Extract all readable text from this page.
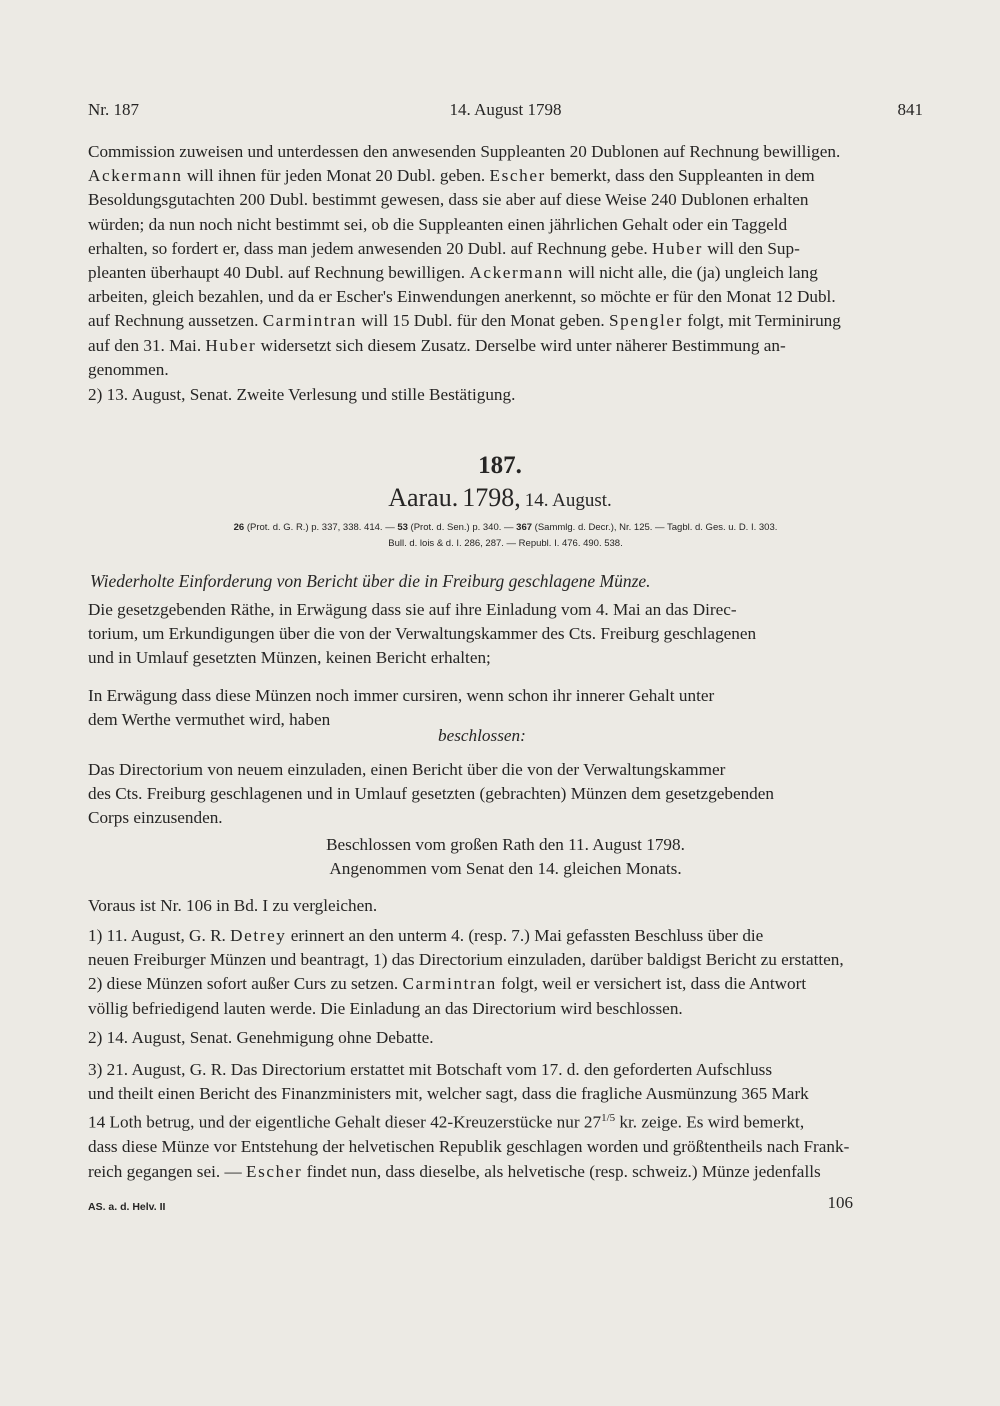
Nr. 187	14. August 1798	841
Commission zuweisen und unterdessen den anwesenden Suppleanten 20 Dublonen auf Rechnung bewilligen.
Ackermann will ihnen für jeden Monat 20 Dubl. geben. Escher bemerkt, dass den Suppleanten in dem
Besoldungsgutachten 200 Dubl. bestimmt gewesen, dass sie aber auf diese Weise 240 Dublonen erhalten
würden; da nun noch nicht bestimmt sei, ob die Suppleanten einen jährlichen Gehalt oder ein Taggeld
erhalten, so fordert er, dass man jedem anwesenden 20 Dubl. auf Rechnung gebe. Huber will den Sup-
pleanten überhaupt 40 Dubl. auf Rechnung bewilligen. Ackermann will nicht alle, die (ja) ungleich lang
arbeiten, gleich bezahlen, und da er Escher's Einwendungen anerkennt, so möchte er für den Monat 12 Dubl.
auf Rechnung aussetzen. Carmintran will 15 Dubl. für den Monat geben. Spengler folgt, mit Terminirung
auf den 31. Mai. Huber widersetzt sich diesem Zusatz. Derselbe wird unter näherer Bestimmung an-
genommen.
2) 13. August, Senat. Zweite Verlesung und stille Bestätigung.
187.
Aarau. 1798, 14. August.
26 (Prot. d. G. R.) p. 337, 338. 414. — 53 (Prot. d. Sen.) p. 340. — 367 (Sammlg. d. Decr.), Nr. 125. — Tagbl. d. Ges. u. D. I. 303.
Bull. d. lois & d. I. 286, 287. — Republ. I. 476. 490. 538.
Wiederholte Einforderung von Bericht über die in Freiburg geschlagene Münze.
Die gesetzgebenden Räthe, in Erwägung dass sie auf ihre Einladung vom 4. Mai an das Direc-
torium, um Erkundigungen über die von der Verwaltungskammer des Cts. Freiburg geschlagenen
und in Umlauf gesetzten Münzen, keinen Bericht erhalten;
In Erwägung dass diese Münzen noch immer cursiren, wenn schon ihr innerer Gehalt unter
dem Werthe vermuthet wird, haben
beschlossen:
Das Directorium von neuem einzuladen, einen Bericht über die von der Verwaltungskammer
des Cts. Freiburg geschlagenen und in Umlauf gesetzten (gebrachten) Münzen dem gesetzgebenden
Corps einzusenden.

Beschlossen vom großen Rath den 11. August 1798.

Angenommen vom Senat den 14. gleichen Monats.

Voraus ist Nr. 106 in Bd. I zu vergleichen.
1) 11. August, G. R. Detrey erinnert an den unterm 4. (resp. 7.) Mai gefassten Beschluss über die
neuen Freiburger Münzen und beantragt, 1) das Directorium einzuladen, darüber baldigst Bericht zu erstatten,
2) diese Münzen sofort außer Curs zu setzen. Carmintran folgt, weil er versichert ist, dass die Antwort
völlig befriedigend lauten werde. Die Einladung an das Directorium wird beschlossen.
2) 14. August, Senat. Genehmigung ohne Debatte.
3) 21. August, G. R. Das Directorium erstattet mit Botschaft vom 17. d. den geforderten Aufschluss
und theilt einen Bericht des Finanzministers mit, welcher sagt, dass die fragliche Ausmünzung 365 Mark
14 Loth betrug, und der eigentliche Gehalt dieser 42-Kreuzerstücke nur $27^{1/5}$ kr. zeige. Es wird bemerkt,
dass diese Münze vor Entstehung der helvetischen Republik geschlagen worden und größtentheils nach Frank-
reich gegangen sei. — Escher findet nun, dass dieselbe, als helvetische (resp. schweiz.) Münze jedenfalls
AS. a. d. Helv. II	106
